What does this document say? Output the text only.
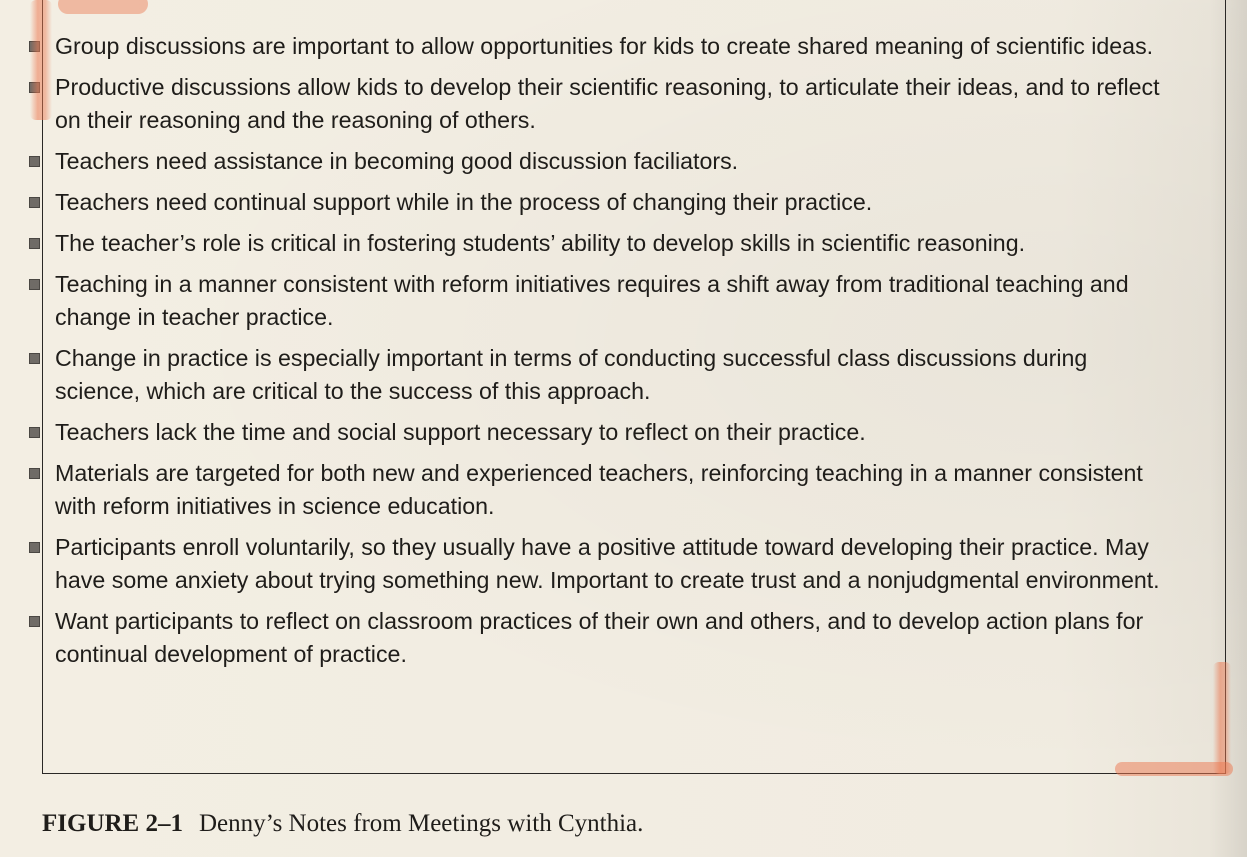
Group discussions are important to allow opportunities for kids to create shared meaning of scientific ideas.
Productive discussions allow kids to develop their scientific reasoning, to articulate their ideas, and to reflect on their reasoning and the reasoning of others.
Teachers need assistance in becoming good discussion faciliators.
Teachers need continual support while in the process of changing their practice.
The teacher’s role is critical in fostering students’ ability to develop skills in scientific reasoning.
Teaching in a manner consistent with reform initiatives requires a shift away from traditional teaching and change in teacher practice.
Change in practice is especially important in terms of conducting successful class discussions during science, which are critical to the success of this approach.
Teachers lack the time and social support necessary to reflect on their practice.
Materials are targeted for both new and experienced teachers, reinforcing teaching in a manner consistent with reform initiatives in science education.
Participants enroll voluntarily, so they usually have a positive attitude toward developing their practice. May have some anxiety about trying something new. Important to create trust and a nonjudgmental environment.
Want participants to reflect on classroom practices of their own and others, and to develop action plans for continual development of practice.
FIGURE 2–1 Denny’s Notes from Meetings with Cynthia.
